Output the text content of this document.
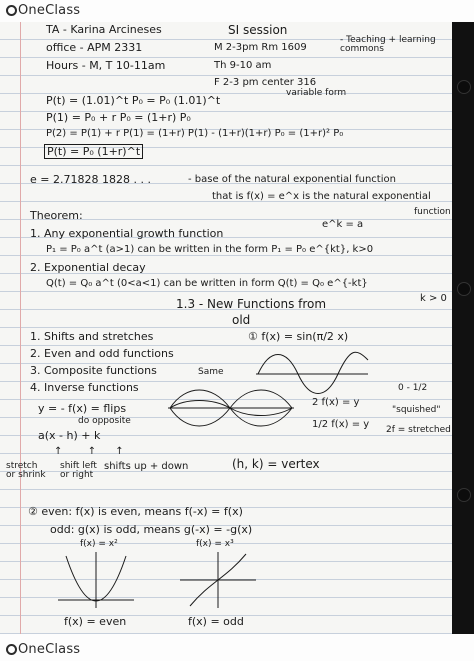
OneClass
TA - Karina Arcineses
office - APM 2331
Hours - M, T 10-11am
SI session
M 2-3pm Rm 1609
- Teaching + learning commons
Th 9-10 am
F 2-3 pm center 316
variable form
P(t) = (1.01)^t P₀ = P₀ (1.01)^t
P(1) = P₀ + r P₀ = (1+r) P₀
P(2) = P(1) + r P(1) = (1+r) P(1) - (1+r)(1+r) P₀ = (1+r)² P₀
P(t) = P₀ (1+r)^t
e = 2.71828 1828 . . .	- base of the natural exponential function
that is f(x) = e^x is the natural exponential
function
Theorem:
e^k = a
1. Any exponential growth function
P₁ = P₀ a^t (a>1) can be written in the form P₁ = P₀ e^{kt}, k>0
2. Exponential decay
Q(t) = Q₀ a^t (0<a<1) can be written in form Q(t) = Q₀ e^{-kt}
k > 0
1.3 - New Functions from
old
1. Shifts and stretches
2. Even and odd functions
3. Composite functions
4. Inverse functions
① f(x) = sin(π/2 x)
y = - f(x) = flips
do opposite
Same
2 f(x) = y
1/2 f(x) = y
0 - 1/2
"squished"
2f = stretched
a(x - h) + k
↑        ↑      ↑
stretch or shrink
shift left or right
shifts up + down	(h, k) = vertex
② even: f(x) is even, means f(-x) = f(x)
odd: g(x) is odd, means g(-x) = -g(x)
f(x) = x²	f(x) = x³
f(x) = even	f(x) = odd
OneClass
